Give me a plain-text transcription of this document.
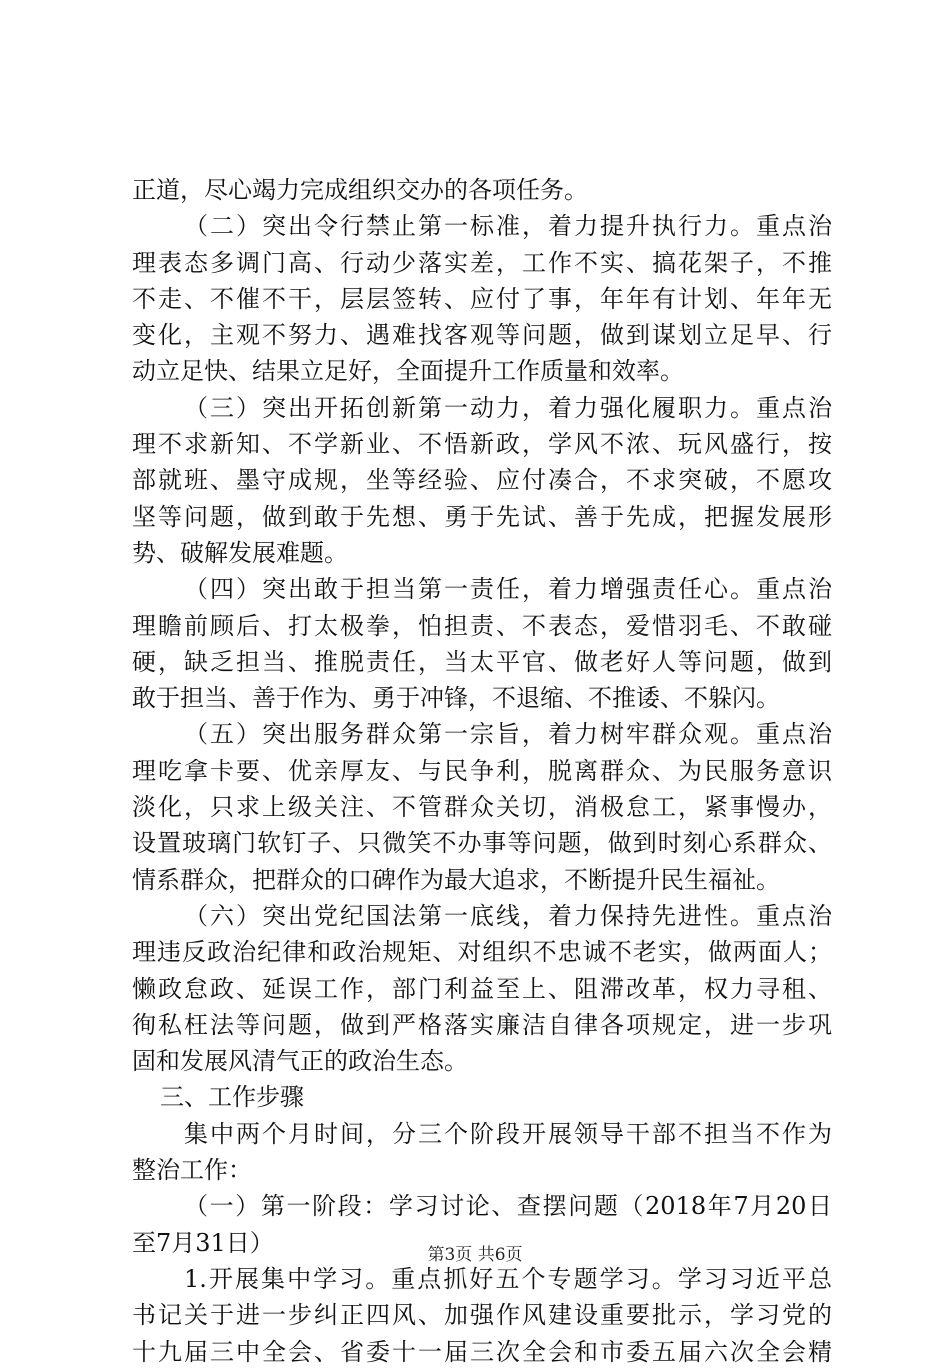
正道，尽心竭力完成组织交办的各项任务。
（二）突出令行禁止第一标准，着力提升执行力。重点治
理表态多调门高、行动少落实差，工作不实、搞花架子，不推
不走、不催不干，层层签转、应付了事，年年有计划、年年无
变化，主观不努力、遇难找客观等问题，做到谋划立足早、行
动立足快、结果立足好，全面提升工作质量和效率。
（三）突出开拓创新第一动力，着力强化履职力。重点治
理不求新知、不学新业、不悟新政，学风不浓、玩风盛行，按
部就班、墨守成规，坐等经验、应付凑合，不求突破，不愿攻
坚等问题，做到敢于先想、勇于先试、善于先成，把握发展形
势、破解发展难题。
（四）突出敢于担当第一责任，着力增强责任心。重点治
理瞻前顾后、打太极拳，怕担责、不表态，爱惜羽毛、不敢碰
硬，缺乏担当、推脱责任，当太平官、做老好人等问题，做到
敢于担当、善于作为、勇于冲锋，不退缩、不推诿、不躲闪。
（五）突出服务群众第一宗旨，着力树牢群众观。重点治
理吃拿卡要、优亲厚友、与民争利，脱离群众、为民服务意识
淡化，只求上级关注、不管群众关切，消极怠工，紧事慢办，
设置玻璃门软钉子、只微笑不办事等问题，做到时刻心系群众、
情系群众，把群众的口碑作为最大追求，不断提升民生福祉。
（六）突出党纪国法第一底线，着力保持先进性。重点治
理违反政治纪律和政治规矩、对组织不忠诚不老实，做两面人；
懒政怠政、延误工作，部门利益至上、阻滞改革，权力寻租、
徇私枉法等问题，做到严格落实廉洁自律各项规定，进一步巩
固和发展风清气正的政治生态。
三、工作步骤
集中两个月时间，分三个阶段开展领导干部不担当不作为
整治工作：
（一）第一阶段：学习讨论、查摆问题（2018年7月20日
至7月31日）
1.开展集中学习。重点抓好五个专题学习。学习习近平总
书记关于进一步纠正四风、加强作风建设重要批示，学习党的
十九届三中全会、省委十一届三次全会和市委五届六次全会精
第3页 共6页
